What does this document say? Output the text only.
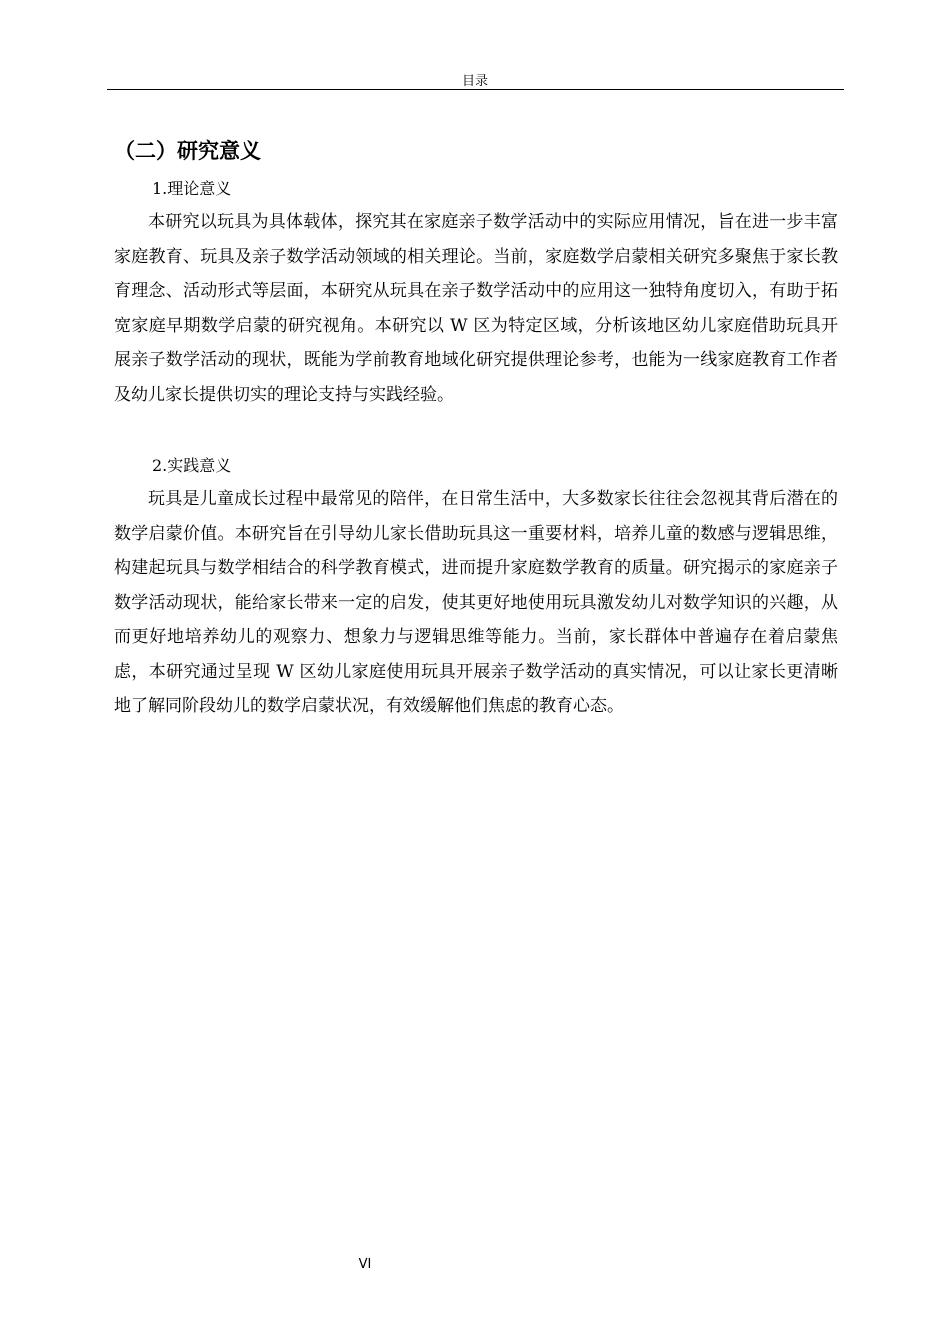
目录
（二）研究意义
1.理论意义

本研究以玩具为具体载体，探究其在家庭亲子数学活动中的实际应用情况，旨在进一步丰富家庭教育、玩具及亲子数学活动领域的相关理论。当前，家庭数学启蒙相关研究多聚焦于家长教育理念、活动形式等层面，本研究从玩具在亲子数学活动中的应用这一独特角度切入，有助于拓宽家庭早期数学启蒙的研究视角。本研究以 W 区为特定区域，分析该地区幼儿家庭借助玩具开展亲子数学活动的现状，既能为学前教育地域化研究提供理论参考，也能为一线家庭教育工作者及幼儿家长提供切实的理论支持与实践经验。

2.实践意义

玩具是儿童成长过程中最常见的陪伴，在日常生活中，大多数家长往往会忽视其背后潜在的数学启蒙价值。本研究旨在引导幼儿家长借助玩具这一重要材料，培养儿童的数感与逻辑思维，构建起玩具与数学相结合的科学教育模式，进而提升家庭数学教育的质量。研究揭示的家庭亲子数学活动现状，能给家长带来一定的启发，使其更好地使用玩具激发幼儿对数学知识的兴趣，从而更好地培养幼儿的观察力、想象力与逻辑思维等能力。当前，家长群体中普遍存在着启蒙焦虑，本研究通过呈现 W 区幼儿家庭使用玩具开展亲子数学活动的真实情况，可以让家长更清晰地了解同阶段幼儿的数学启蒙状况，有效缓解他们焦虑的教育心态。

VI
